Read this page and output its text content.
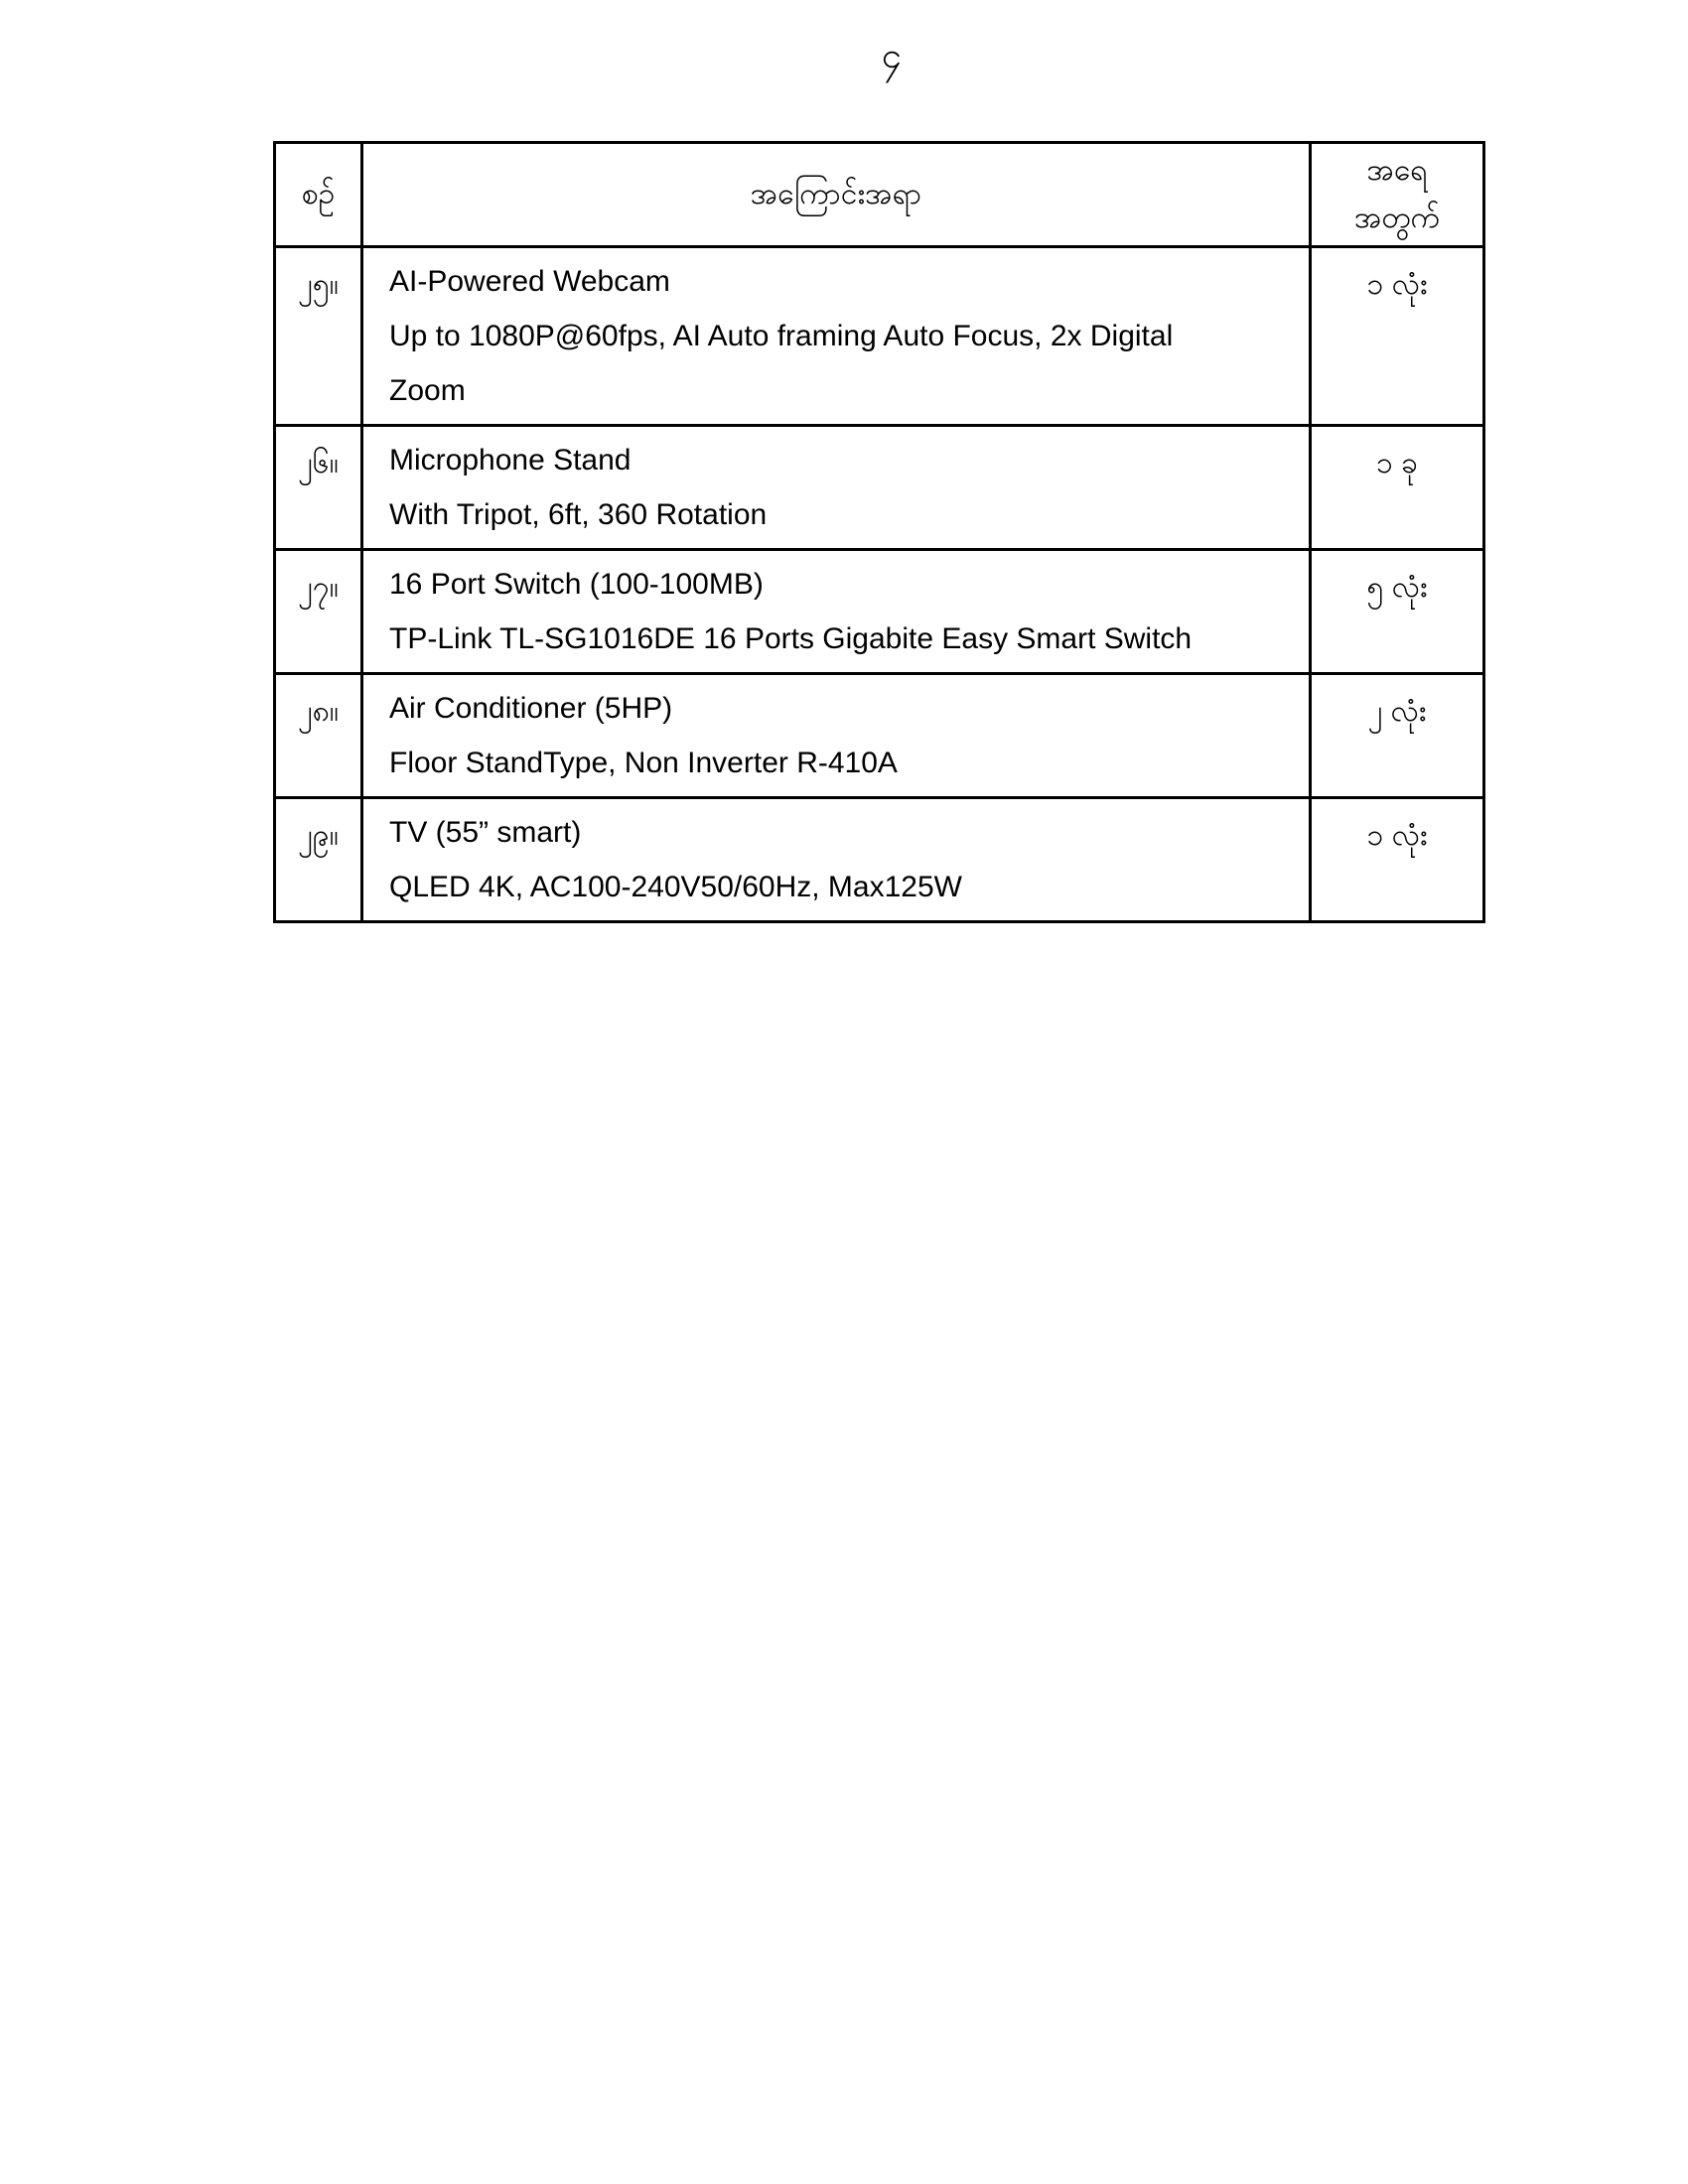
၄
စဉ်	အကြောင်းအရာ	အရေ
အတွက်

၂၅။	AI-Powered Webcam
Up to 1080P@60fps, AI Auto framing Auto Focus, 2x Digital
Zoom	၁ လုံး
၂၆။	Microphone Stand
With Tripot, 6ft, 360 Rotation	၁ ခု
၂၇။	16 Port Switch (100-100MB)
TP-Link TL-SG1016DE 16 Ports Gigabite Easy Smart Switch	၅ လုံး
၂၈။	Air Conditioner (5HP)
Floor StandType, Non Inverter R-410A	၂ လုံး
၂၉။	TV (55” smart)
QLED 4K, AC100-240V50/60Hz, Max125W	၁ လုံး
